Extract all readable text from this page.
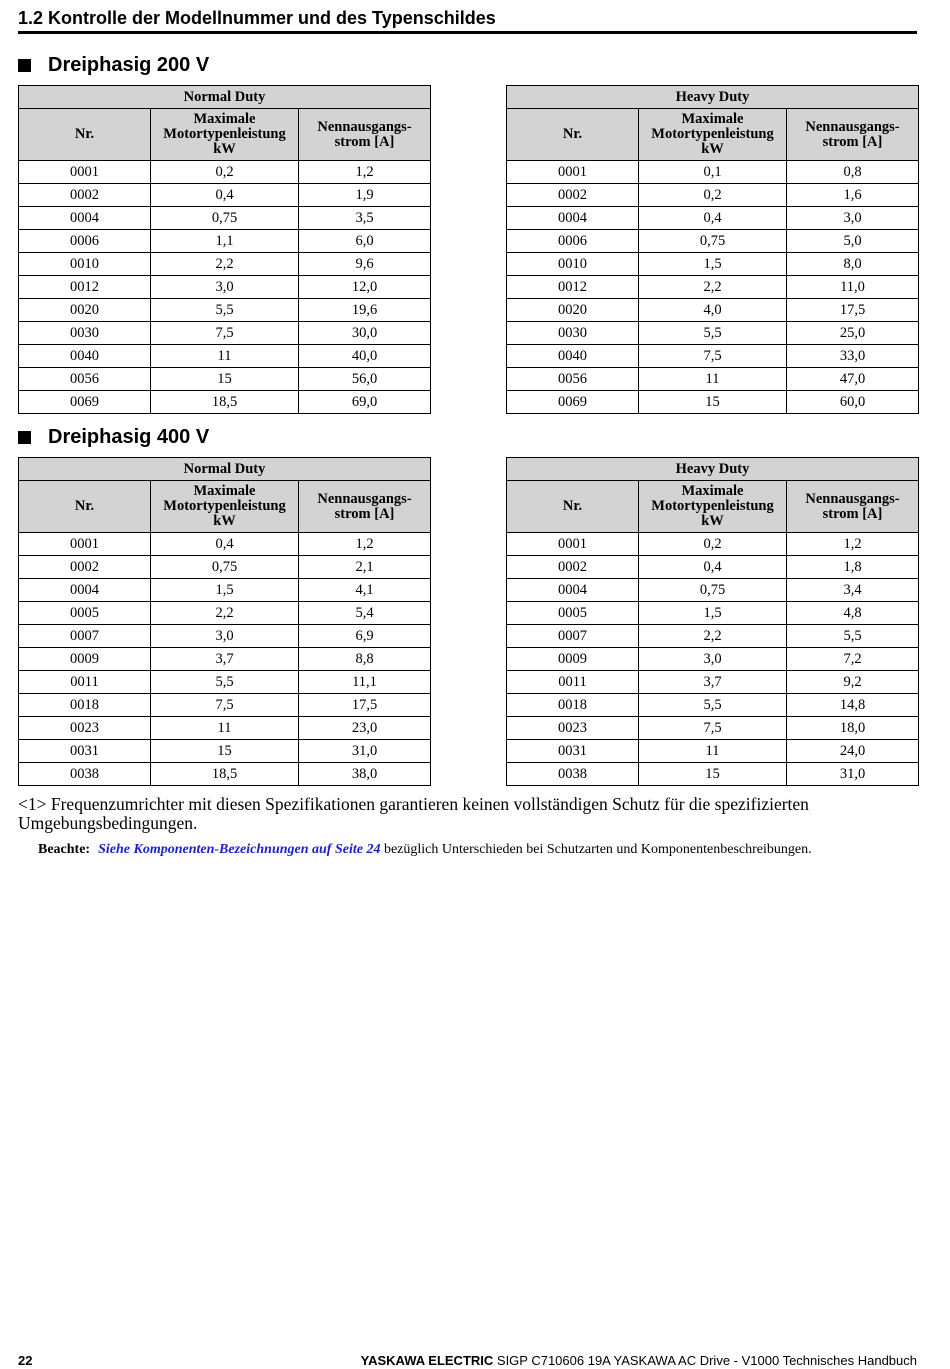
1.2 Kontrolle der Modellnummer und des Typenschildes
Dreiphasig 200 V
Normal Duty		
Nr.	Maximale
Motortypenleistung
kW	Nennausgangs-
strom [A]
0001	0,2	1,2
0002	0,4	1,9
0004	0,75	3,5
0006	1,1	6,0
0010	2,2	9,6
0012	3,0	12,0
0020	5,5	19,6
0030	7,5	30,0
0040	11	40,0
0056	15	56,0
0069	18,5	69,0
Heavy Duty		
Nr.	Maximale
Motortypenleistung
kW	Nennausgangs-
strom [A]
0001	0,1	0,8
0002	0,2	1,6
0004	0,4	3,0
0006	0,75	5,0
0010	1,5	8,0
0012	2,2	11,0
0020	4,0	17,5
0030	5,5	25,0
0040	7,5	33,0
0056	11	47,0
0069	15	60,0
Dreiphasig 400 V
Normal Duty		
Nr.	Maximale
Motortypenleistung
kW	Nennausgangs-
strom [A]
0001	0,4	1,2
0002	0,75	2,1
0004	1,5	4,1
0005	2,2	5,4
0007	3,0	6,9
0009	3,7	8,8
0011	5,5	11,1
0018	7,5	17,5
0023	11	23,0
0031	15	31,0
0038	18,5	38,0
Heavy Duty		
Nr.	Maximale
Motortypenleistung
kW	Nennausgangs-
strom [A]
0001	0,2	1,2
0002	0,4	1,8
0004	0,75	3,4
0005	1,5	4,8
0007	2,2	5,5
0009	3,0	7,2
0011	3,7	9,2
0018	5,5	14,8
0023	7,5	18,0
0031	11	24,0
0038	15	31,0
<1> Frequenzumrichter mit diesen Spezifikationen garantieren keinen vollständigen Schutz für die spezifizierten Umgebungsbedingungen.
Beachte: Siehe Komponenten-Bezeichnungen auf Seite 24 bezüglich Unterschieden bei Schutzarten und Komponentenbeschreibungen.
22	YASKAWA ELECTRIC SIGP C710606 19A YASKAWA AC Drive - V1000 Technisches Handbuch
